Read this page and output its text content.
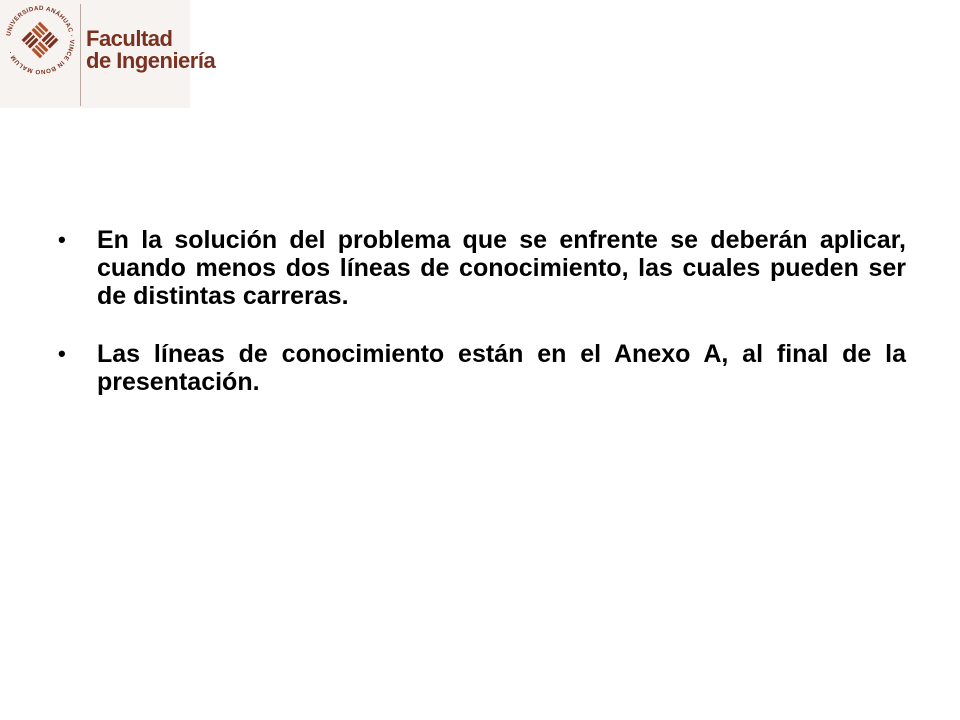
UNIVERSIDAD ANÁHUAC · VINCE IN BONO MALUM ·
Facultad
de Ingeniería
• En la solución del problema que se enfrente se deberán aplicar, cuando menos dos líneas de conocimiento, las cuales pueden ser de distintas carreras.
• Las líneas de conocimiento están en el Anexo A, al final de la presentación.
